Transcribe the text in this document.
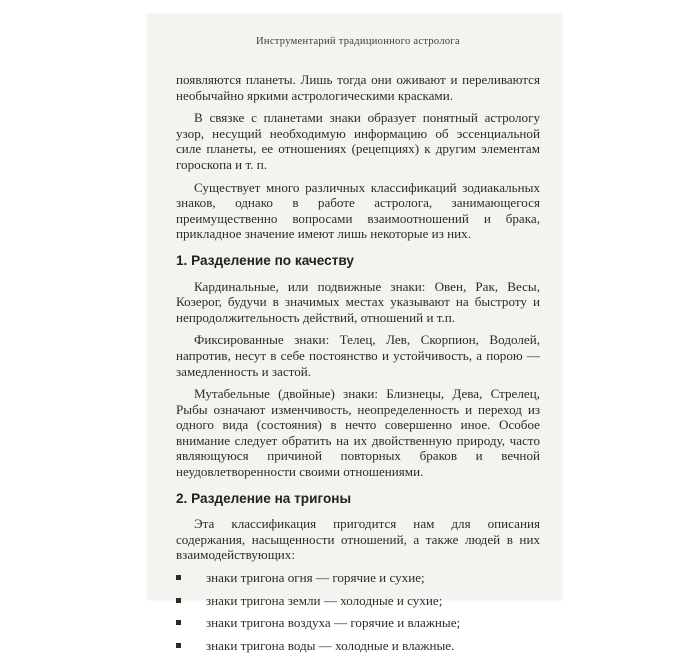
Инструментарий традиционного астролога

появляются планеты. Лишь тогда они оживают и переливаются необычайно яркими астрологическими красками.

В связке с планетами знаки образует понятный астрологу узор, несущий необходимую информацию об эссенциальной силе планеты, ее отношениях (рецепциях) к другим элементам гороскопа и т. п.

Существует много различных классификаций зодиакальных знаков, однако в работе астролога, занимающегося преимущественно вопросами взаимоотношений и брака, прикладное значение имеют лишь некоторые из них.

1. Разделение по качеству

Кардинальные, или подвижные знаки: Овен, Рак, Весы, Козерог, будучи в значимых местах указывают на быстроту и непродолжительность действий, отношений и т.п.

Фиксированные знаки: Телец, Лев, Скорпион, Водолей, напротив, несут в себе постоянство и устойчивость, а порою — замедленность и застой.

Мутабельные (двойные) знаки: Близнецы, Дева, Стрелец, Рыбы означают изменчивость, неопределенность и переход из одного вида (состояния) в нечто совершенно иное. Особое внимание следует обратить на их двойственную природу, часто являющуюся причиной повторных браков и вечной неудовлетворенности своими отношениями.

2. Разделение на тригоны

Эта классификация пригодится нам для описания содержания, насыщенности отношений, а также людей в них взаимодействующих:

знаки тригона огня — горячие и сухие;
знаки тригона земли — холодные и сухие;
знаки тригона воздуха — горячие и влажные;
знаки тригона воды — холодные и влажные.
